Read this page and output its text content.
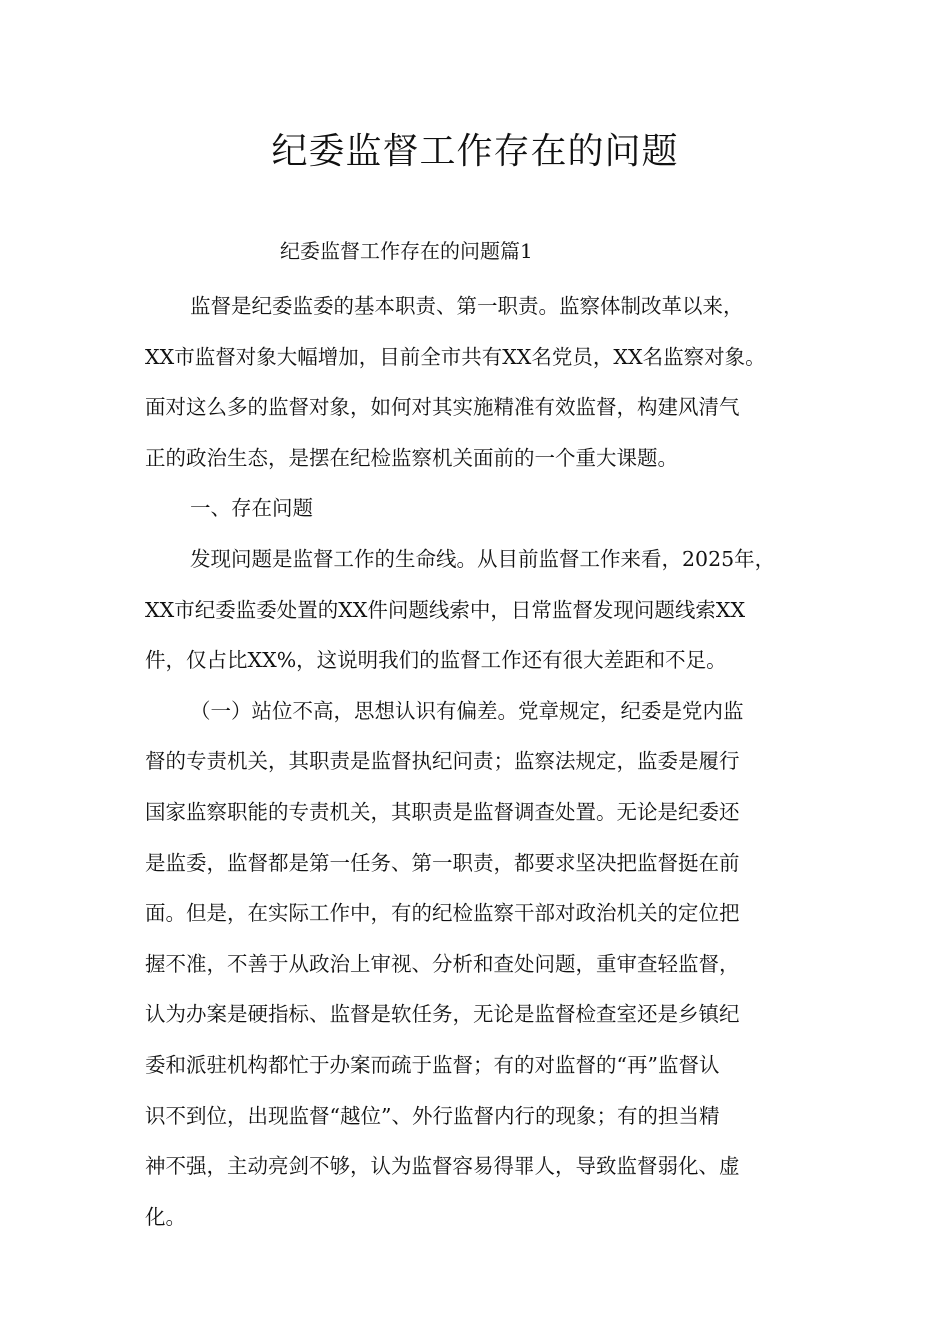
纪委监督工作存在的问题

纪委监督工作存在的问题篇1

监督是纪委监委的基本职责、第一职责。监察体制改革以来，

XX市监督对象大幅增加，目前全市共有XX名党员，XX名监察对象。

面对这么多的监督对象，如何对其实施精准有效监督，构建风清气

正的政治生态，是摆在纪检监察机关面前的一个重大课题。

一、存在问题

发现问题是监督工作的生命线。从目前监督工作来看，2025年，

XX市纪委监委处置的XX件问题线索中，日常监督发现问题线索XX

件，仅占比XX%，这说明我们的监督工作还有很大差距和不足。

（一）站位不高，思想认识有偏差。党章规定，纪委是党内监

督的专责机关，其职责是监督执纪问责；监察法规定，监委是履行

国家监察职能的专责机关，其职责是监督调查处置。无论是纪委还

是监委，监督都是第一任务、第一职责，都要求坚决把监督挺在前

面。但是，在实际工作中，有的纪检监察干部对政治机关的定位把

握不准，不善于从政治上审视、分析和查处问题，重审查轻监督，

认为办案是硬指标、监督是软任务，无论是监督检查室还是乡镇纪

委和派驻机构都忙于办案而疏于监督；有的对监督的“再”监督认

识不到位，出现监督“越位”、外行监督内行的现象；有的担当精

神不强，主动亮剑不够，认为监督容易得罪人，导致监督弱化、虚

化。
